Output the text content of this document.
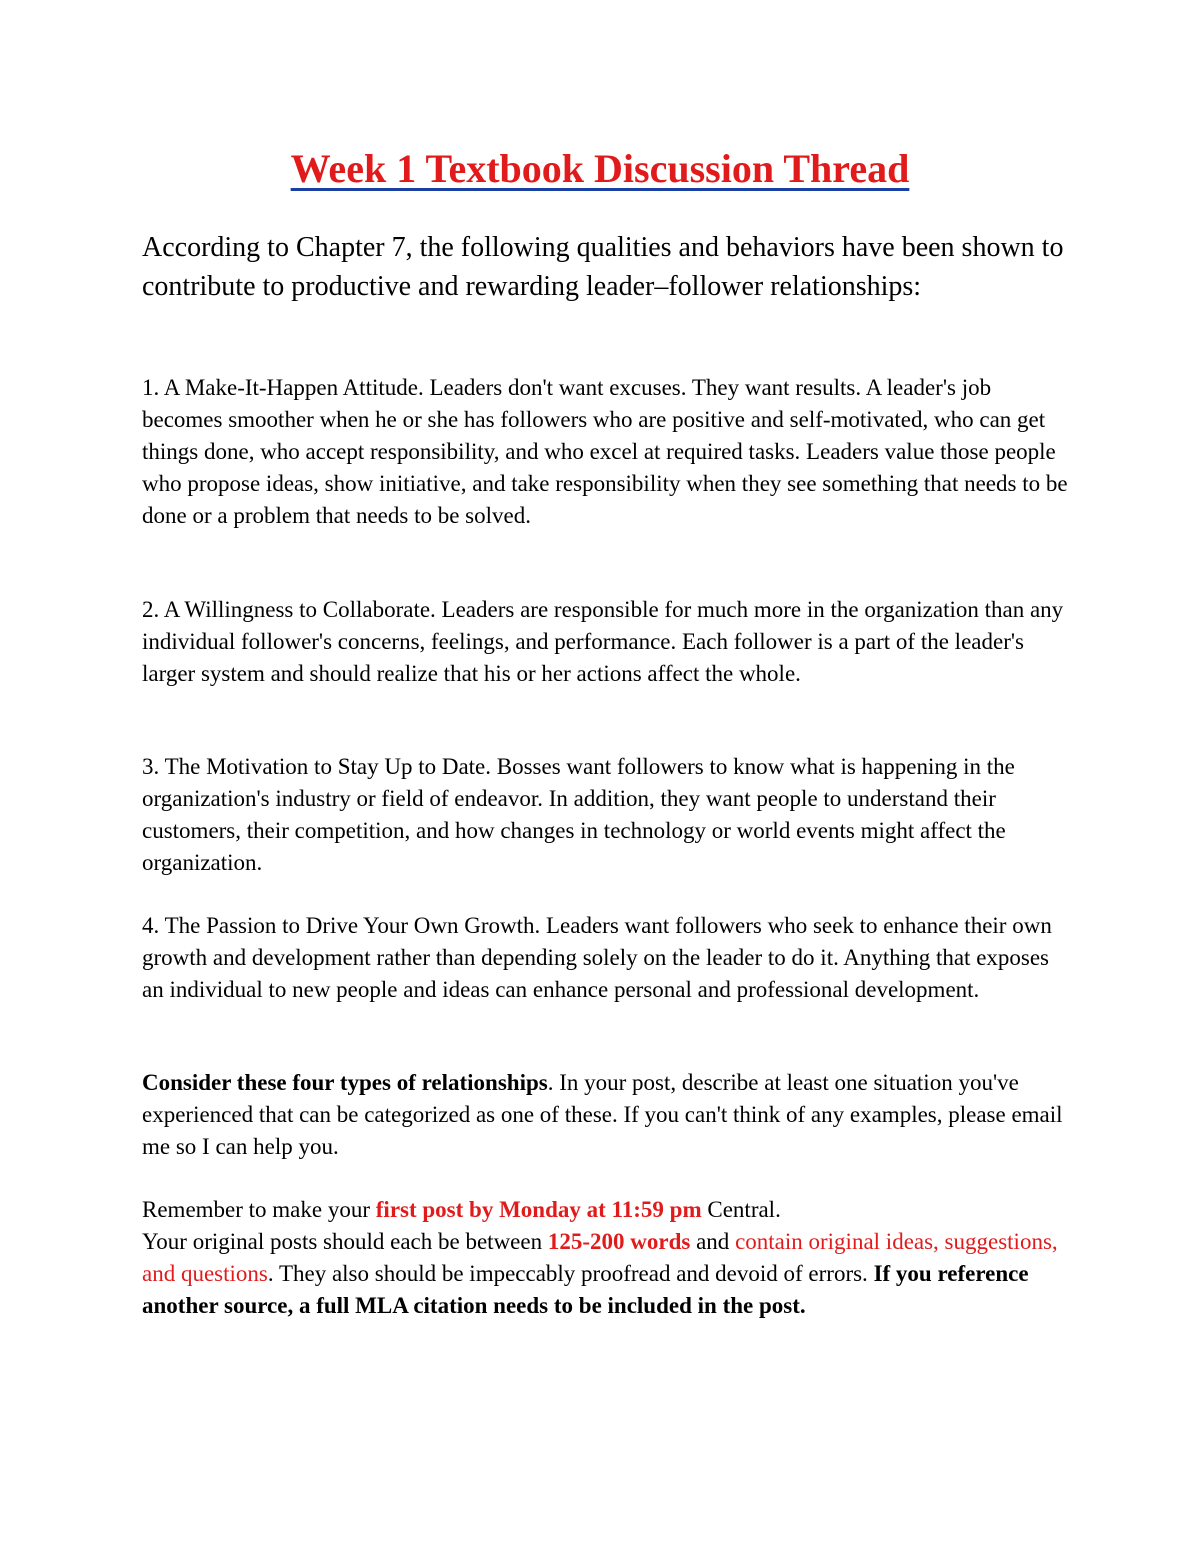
Week 1 Textbook Discussion Thread

According to Chapter 7, the following qualities and behaviors have been shown to contribute to productive and rewarding leader–follower relationships:

1. A Make-It-Happen Attitude. Leaders don't want excuses. They want results. A leader's job becomes smoother when he or she has followers who are positive and self-motivated, who can get things done, who accept responsibility, and who excel at required tasks. Leaders value those people who propose ideas, show initiative, and take responsibility when they see something that needs to be done or a problem that needs to be solved.

2. A Willingness to Collaborate. Leaders are responsible for much more in the organization than any individual follower's concerns, feelings, and performance. Each follower is a part of the leader's larger system and should realize that his or her actions affect the whole.

3. The Motivation to Stay Up to Date. Bosses want followers to know what is happening in the organization's industry or field of endeavor. In addition, they want people to understand their customers, their competition, and how changes in technology or world events might affect the organization.

4. The Passion to Drive Your Own Growth. Leaders want followers who seek to enhance their own growth and development rather than depending solely on the leader to do it. Anything that exposes an individual to new people and ideas can enhance personal and professional development.

Consider these four types of relationships. In your post, describe at least one situation you've experienced that can be categorized as one of these. If you can't think of any examples, please email me so I can help you.

Remember to make your first post by Monday at 11:59 pm Central.
Your original posts should each be between 125-200 words and contain original ideas, suggestions, and questions. They also should be impeccably proofread and devoid of errors. If you reference another source, a full MLA citation needs to be included in the post.
